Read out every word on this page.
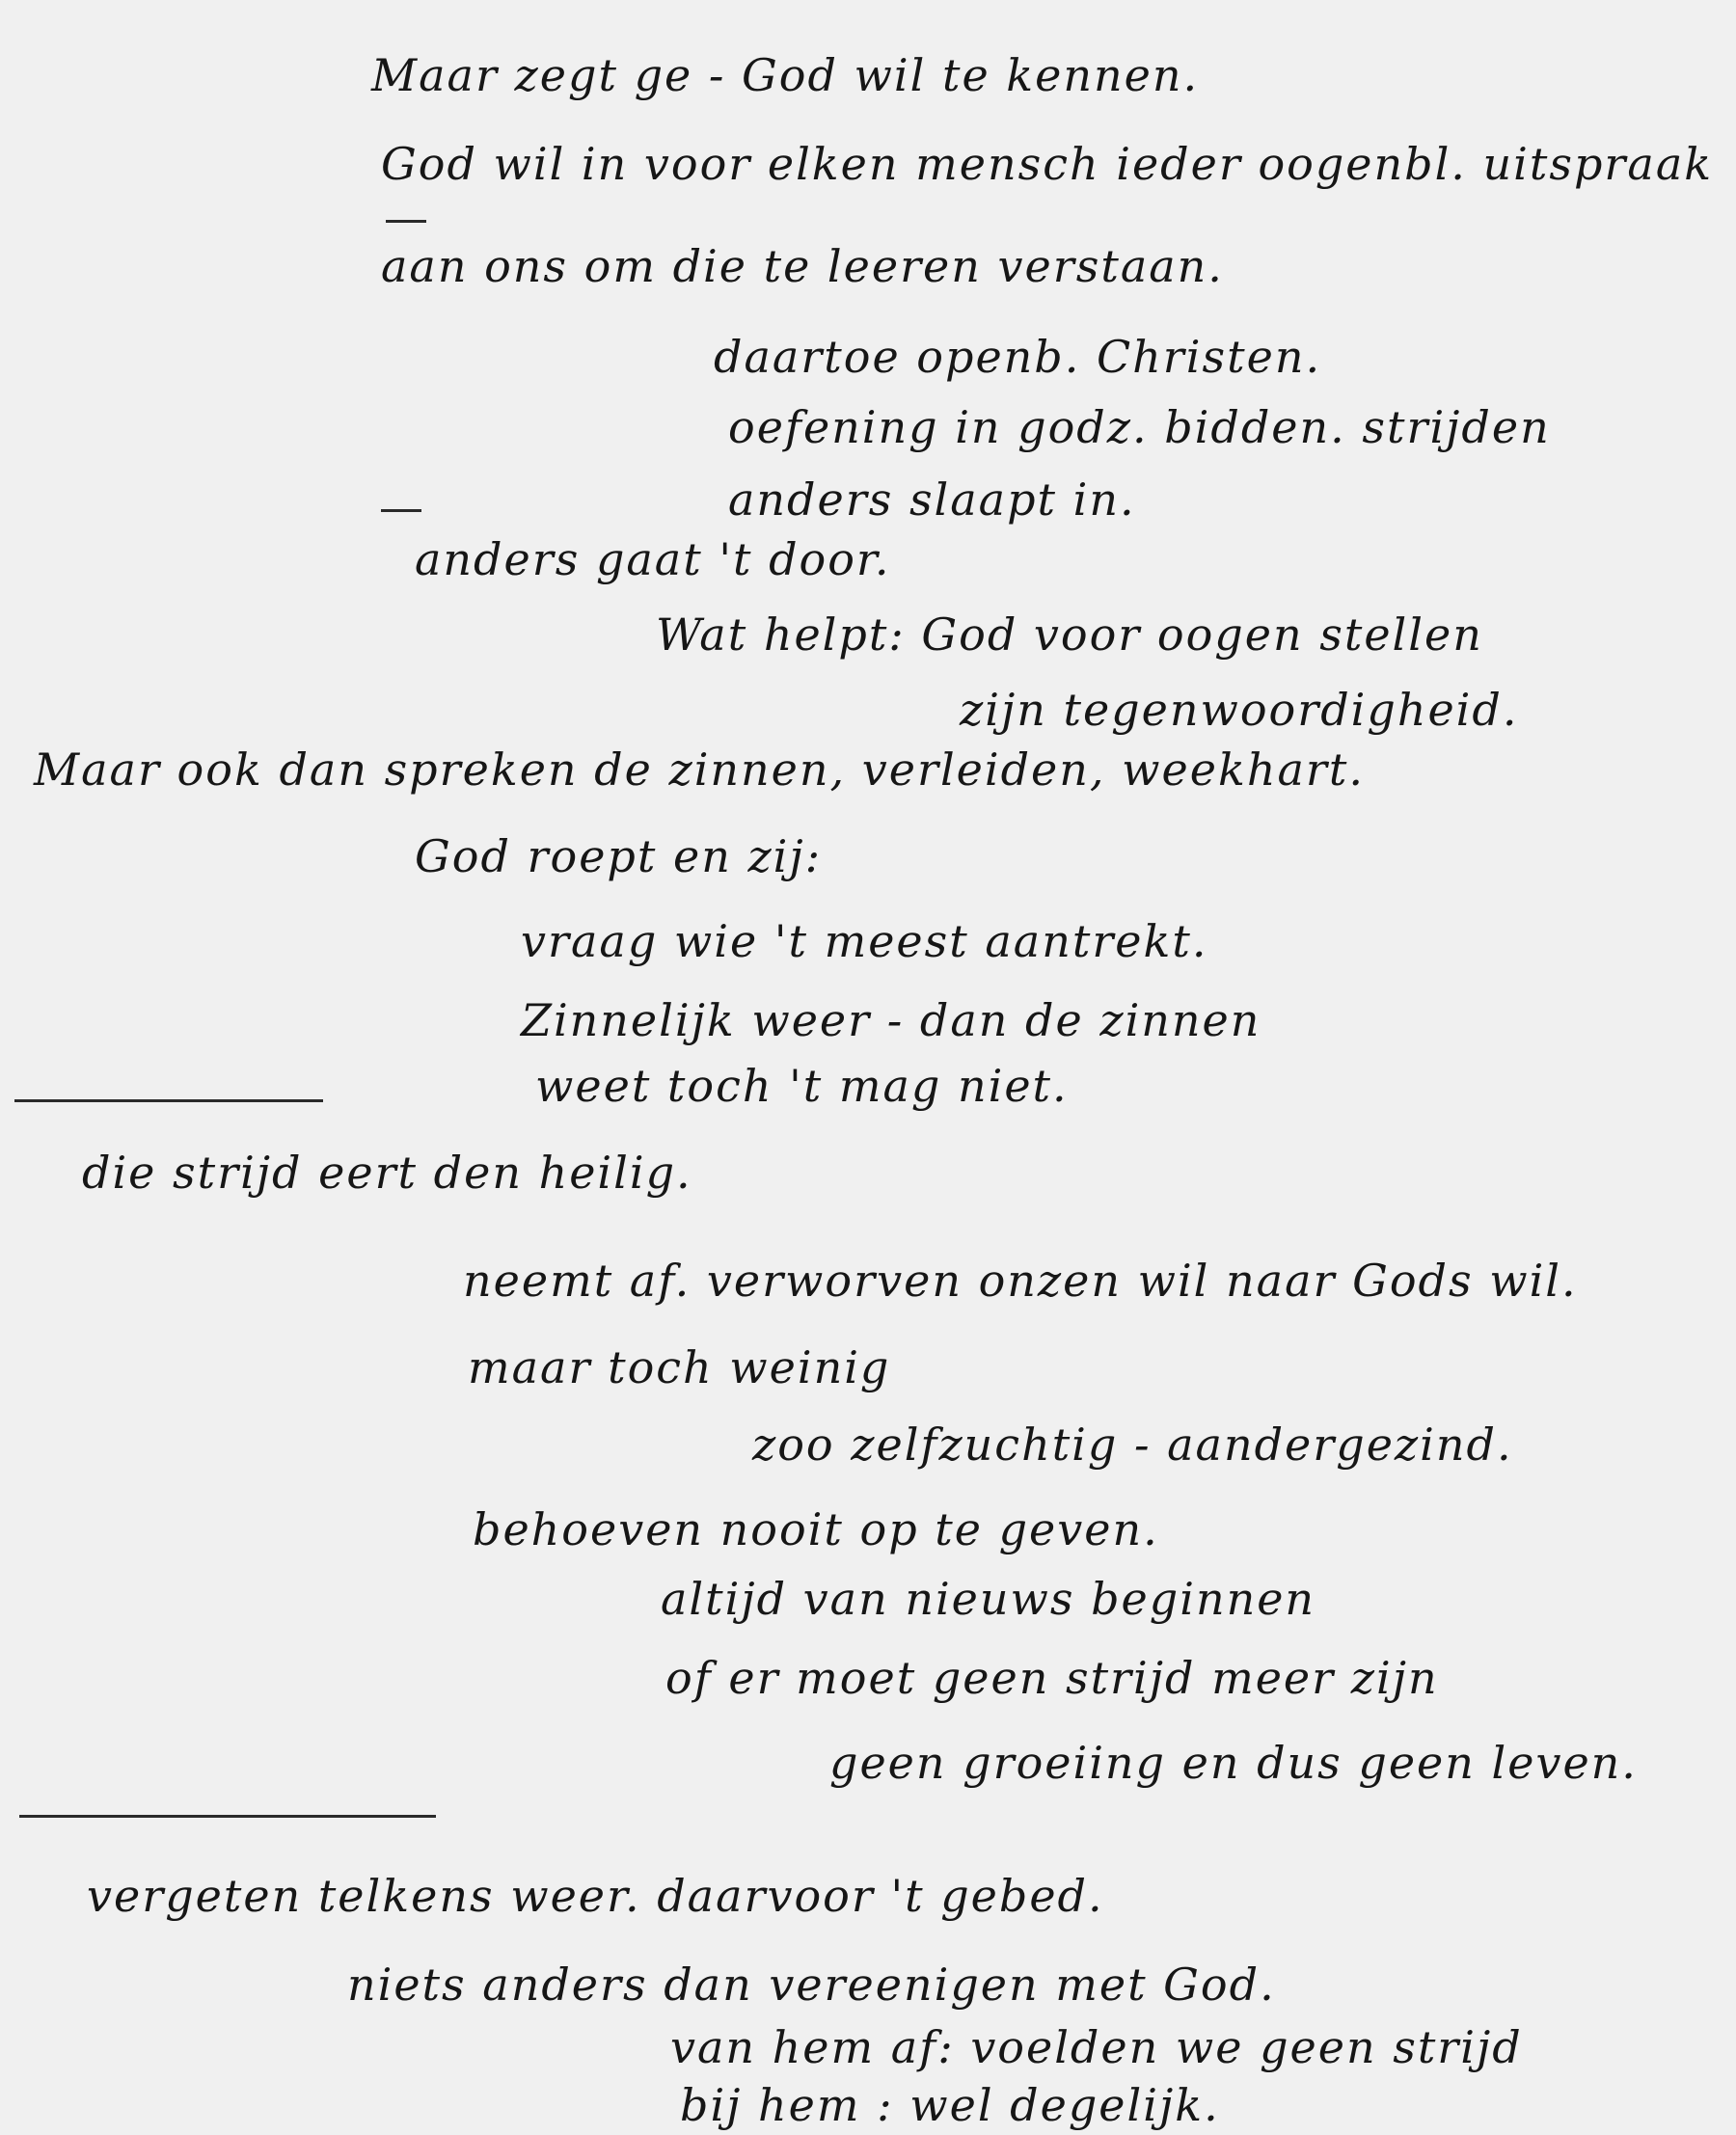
Maar zegt ge - God wil te kennen.
God wil in voor elken mensch ieder oogenbl. uitspraak
aan ons om die te leeren verstaan.
daartoe openb. Christen.
oefening in godz. bidden. strijden
anders slaapt in.
anders gaat 't door.
Wat helpt: God voor oogen stellen
zijn tegenwoordigheid.
Maar ook dan spreken de zinnen, verleiden, weekhart.
God roept en zij:
vraag wie 't meest aantrekt.
Zinnelijk weer - dan de zinnen
weet toch 't mag niet.
die strijd eert den heilig.
neemt af. verworven onzen wil naar Gods wil.
maar toch weinig
zoo zelfzuchtig - aandergezind.
behoeven nooit op te geven.
altijd van nieuws beginnen
of er moet geen strijd meer zijn
geen groeiing en dus geen leven.
vergeten telkens weer. daarvoor 't gebed.
niets anders dan vereenigen met God.
van hem af: voelden we geen strijd
bij hem : wel degelijk.
